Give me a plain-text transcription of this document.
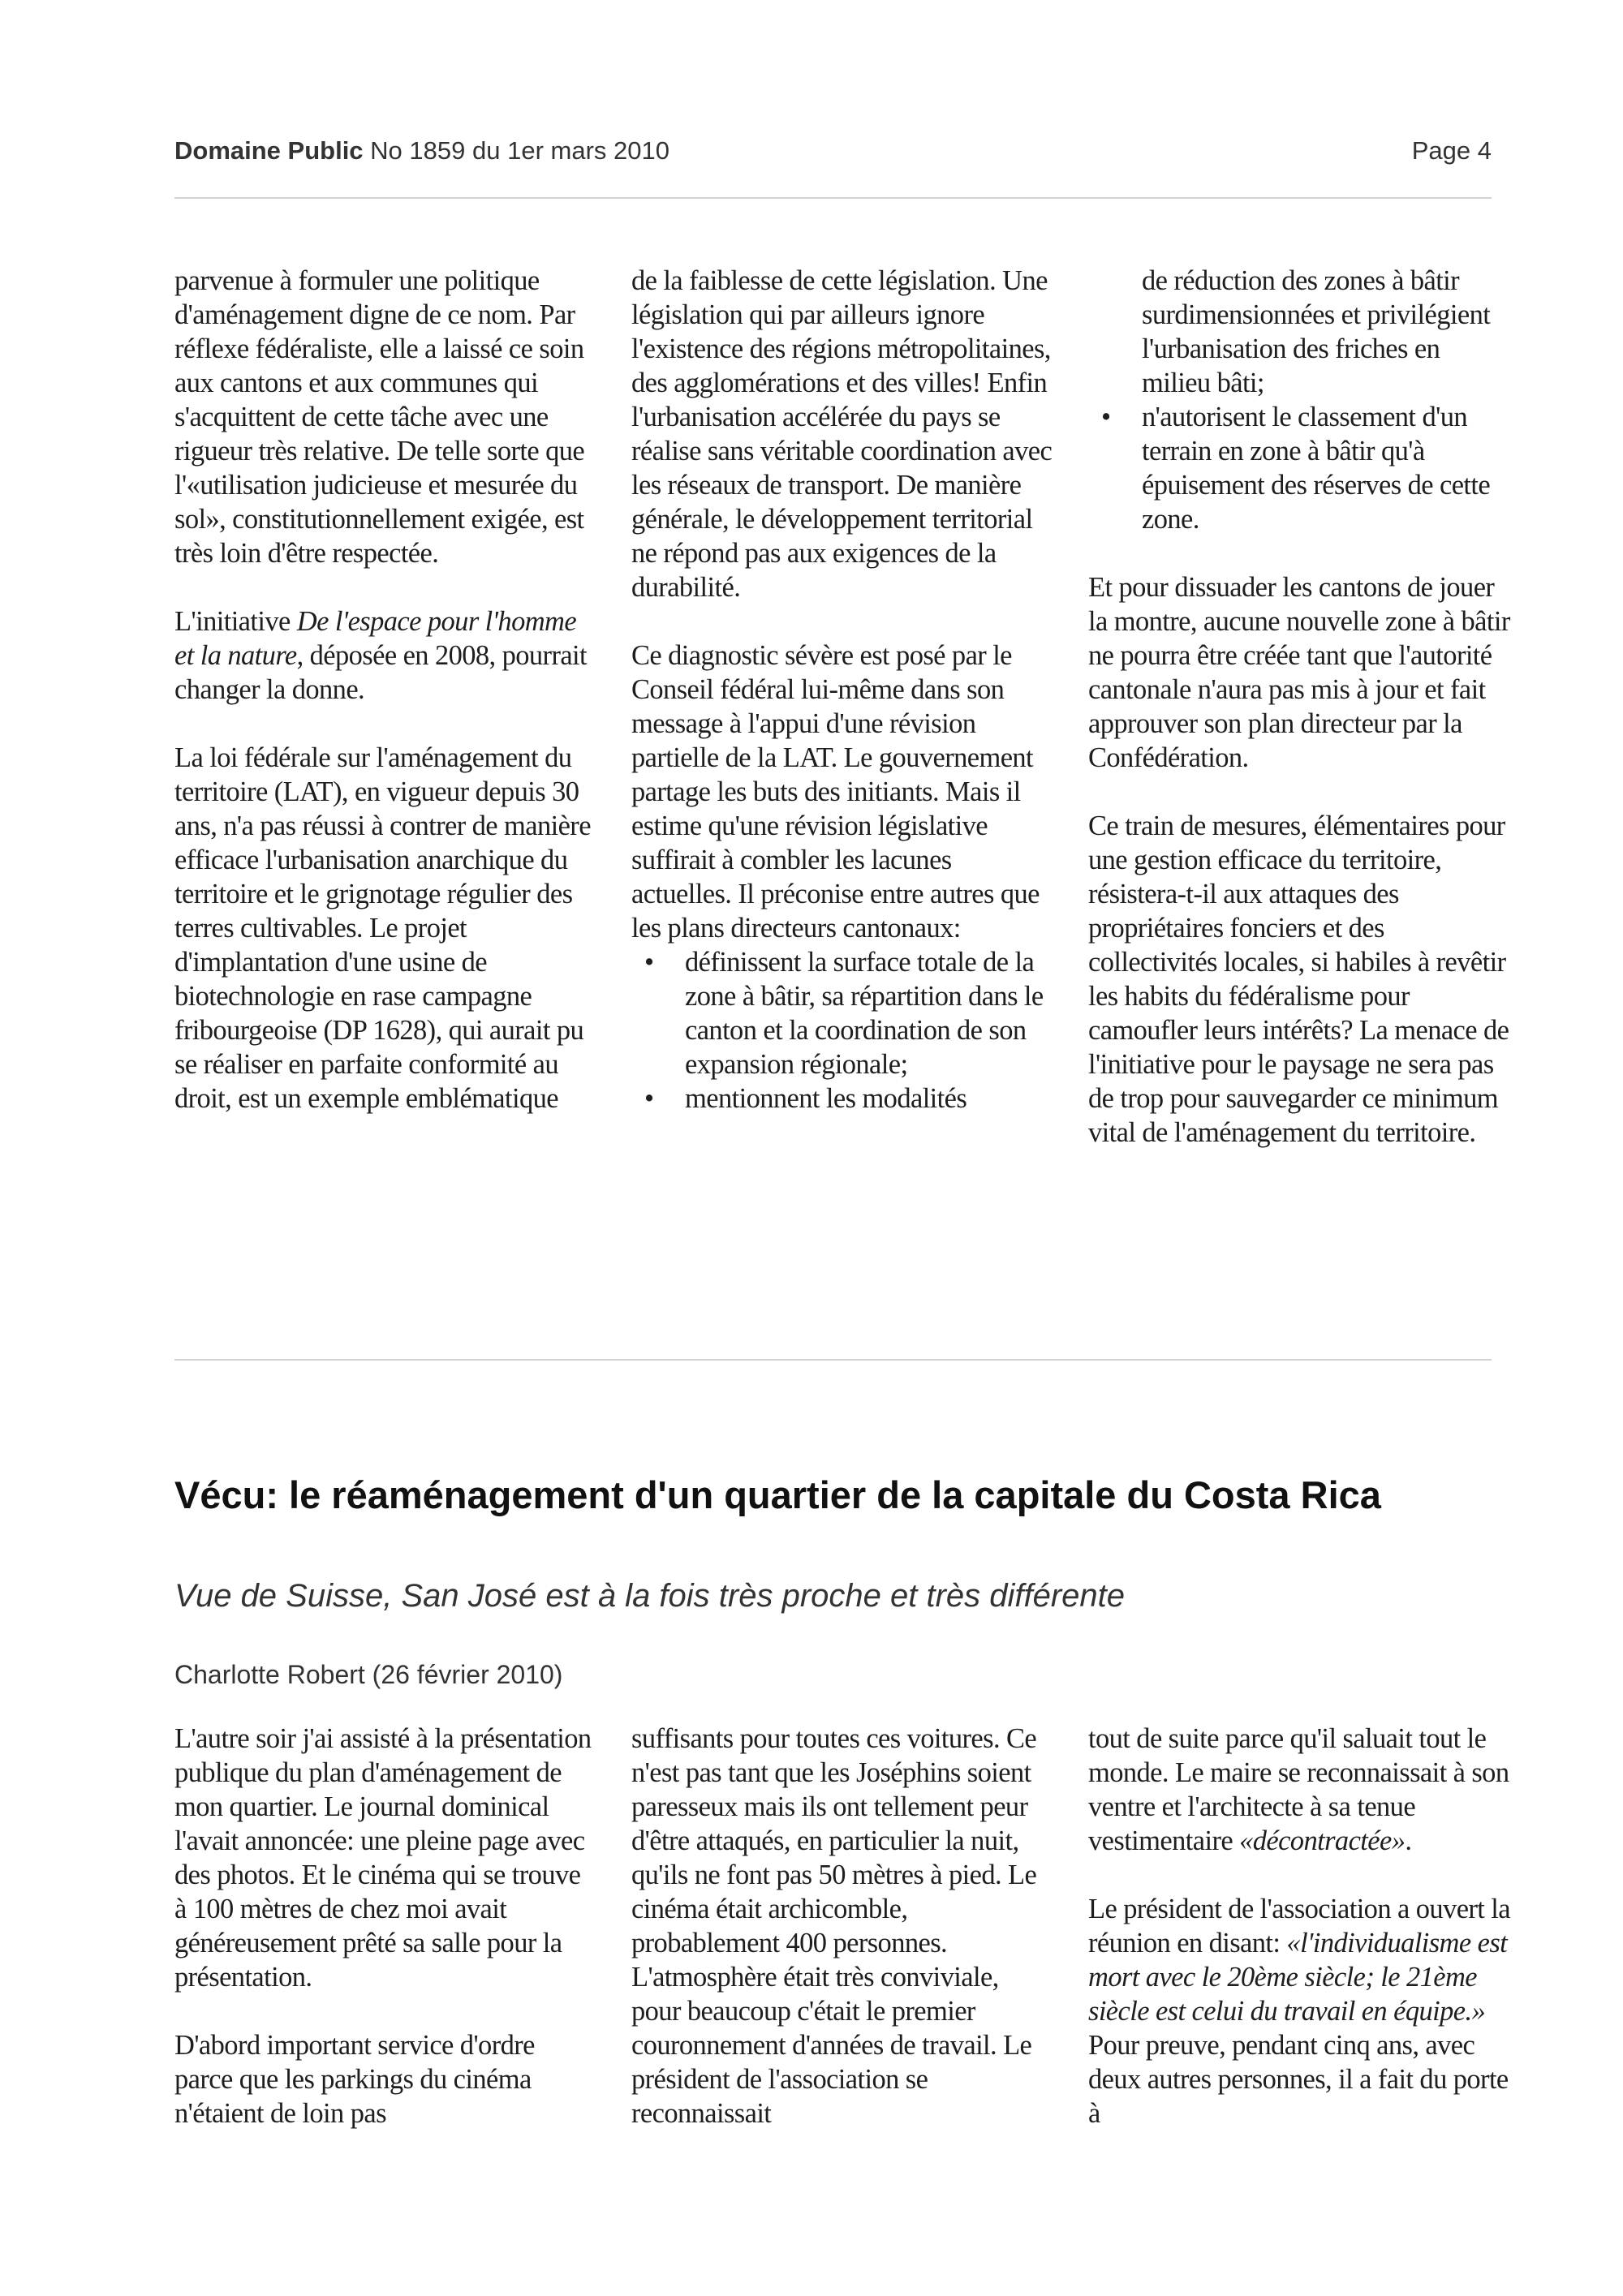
Domaine Public No 1859 du 1er mars 2010	Page 4

parvenue à formuler une politique d'aménagement digne de ce nom. Par réflexe fédéraliste, elle a laissé ce soin aux cantons et aux communes qui s'acquittent de cette tâche avec une rigueur très relative. De telle sorte que l'«utilisation judicieuse et mesurée du sol», constitutionnellement exigée, est très loin d'être respectée.

L'initiative De l'espace pour l'homme et la nature, déposée en 2008, pourrait changer la donne.

La loi fédérale sur l'aménagement du territoire (LAT), en vigueur depuis 30 ans, n'a pas réussi à contrer de manière efficace l'urbanisation anarchique du territoire et le grignotage régulier des terres cultivables. Le projet d'implantation d'une usine de biotechnologie en rase campagne fribourgeoise (DP 1628), qui aurait pu se réaliser en parfaite conformité au droit, est un exemple emblématique

de la faiblesse de cette législation. Une législation qui par ailleurs ignore l'existence des régions métropolitaines, des agglomérations et des villes! Enfin l'urbanisation accélérée du pays se réalise sans véritable coordination avec les réseaux de transport. De manière générale, le développement territorial ne répond pas aux exigences de la durabilité.

Ce diagnostic sévère est posé par le Conseil fédéral lui-même dans son message à l'appui d'une révision partielle de la LAT. Le gouvernement partage les buts des initiants. Mais il estime qu'une révision législative suffirait à combler les lacunes actuelles. Il préconise entre autres que les plans directeurs cantonaux:

• définissent la surface totale de la zone à bâtir, sa répartition dans le canton et la coordination de son expansion régionale;
• mentionnent les modalités
de réduction des zones à bâtir surdimensionnées et privilégient l'urbanisation des friches en milieu bâti;
• n'autorisent le classement d'un terrain en zone à bâtir qu'à épuisement des réserves de cette zone.

Et pour dissuader les cantons de jouer la montre, aucune nouvelle zone à bâtir ne pourra être créée tant que l'autorité cantonale n'aura pas mis à jour et fait approuver son plan directeur par la Confédération.

Ce train de mesures, élémentaires pour une gestion efficace du territoire, résistera-t-il aux attaques des propriétaires fonciers et des collectivités locales, si habiles à revêtir les habits du fédéralisme pour camoufler leurs intérêts? La menace de l'initiative pour le paysage ne sera pas de trop pour sauvegarder ce minimum vital de l'aménagement du territoire.

Vécu: le réaménagement d'un quartier de la capitale du Costa Rica
Vue de Suisse, San José est à la fois très proche et très différente
Charlotte Robert (26 février 2010)

L'autre soir j'ai assisté à la présentation publique du plan d'aménagement de mon quartier. Le journal dominical l'avait annoncée: une pleine page avec des photos. Et le cinéma qui se trouve à 100 mètres de chez moi avait généreusement prêté sa salle pour la présentation.

D'abord important service d'ordre parce que les parkings du cinéma n'étaient de loin pas

suffisants pour toutes ces voitures. Ce n'est pas tant que les Joséphins soient paresseux mais ils ont tellement peur d'être attaqués, en particulier la nuit, qu'ils ne font pas 50 mètres à pied. Le cinéma était archicomble, probablement 400 personnes. L'atmosphère était très conviviale, pour beaucoup c'était le premier couronnement d'années de travail. Le président de l'association se reconnaissait

tout de suite parce qu'il saluait tout le monde. Le maire se reconnaissait à son ventre et l'architecte à sa tenue vestimentaire «décontractée».

Le président de l'association a ouvert la réunion en disant: «l'individualisme est mort avec le 20ème siècle; le 21ème siècle est celui du travail en équipe.» Pour preuve, pendant cinq ans, avec deux autres personnes, il a fait du porte à
